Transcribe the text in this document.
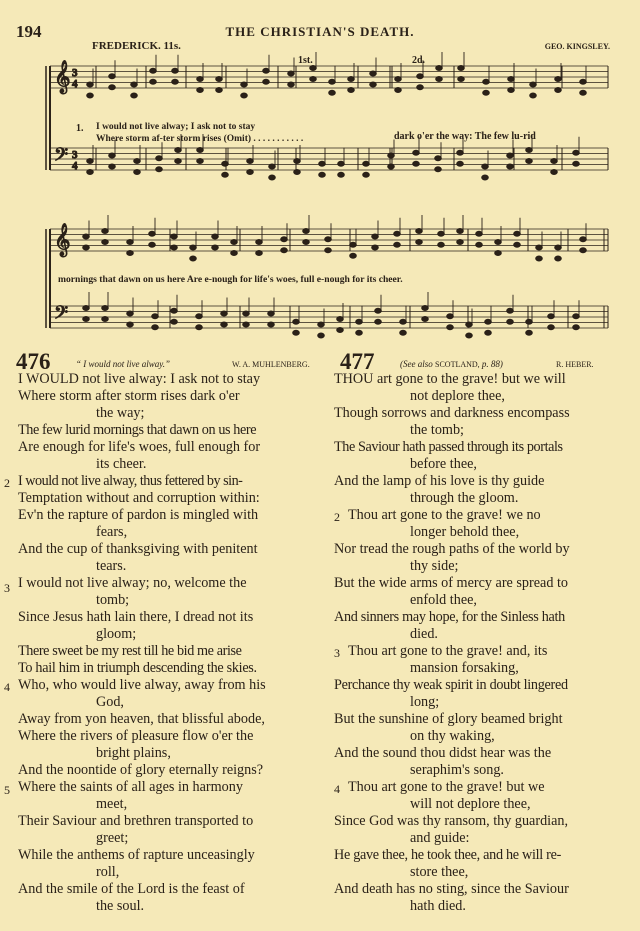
194	THE CHRISTIAN'S DEATH.
FREDERICK. 11s.	GEO. KINGSLEY.
1st.	2d.
𝄞
𝄢
3
4
3
4
𝄞
𝄢
1. I would not live alway; I ask not to stay
Where storm af-ter storm rises (Omit) . . . . . . . . . . .	dark o'er the way: The few lu-rid
mornings that dawn on us here Are e-nough for life's woes, full e-nough for its cheer.
476	“ I would not live alway.”	W. A. MUHLENBERG. 477	(See also SCOTLAND, p. 88)	R. HEBER.
I WOULD not live alway: I ask not to stay
Where storm after storm rises dark o'er
the way;
The few lurid mornings that dawn on us here
Are enough for life's woes, full enough for
its cheer.
2 I would not live alway, thus fettered by sin-
Temptation without and corruption within:
Ev'n the rapture of pardon is mingled with
fears,
And the cup of thanksgiving with penitent
tears.
3 I would not live alway; no, welcome the
tomb;
Since Jesus hath lain there, I dread not its
gloom;
There sweet be my rest till he bid me arise
To hail him in triumph descending the skies.
4 Who, who would live alway, away from his
God,
Away from yon heaven, that blissful abode,
Where the rivers of pleasure flow o'er the
bright plains,
And the noontide of glory eternally reigns?
5 Where the saints of all ages in harmony
meet,
Their Saviour and brethren transported to
greet;
While the anthems of rapture unceasingly
roll,
And the smile of the Lord is the feast of
the soul.
THOU art gone to the grave! but we will
not deplore thee,
Though sorrows and darkness encompass
the tomb;
The Saviour hath passed through its portals
before thee,
And the lamp of his love is thy guide
through the gloom.
2 Thou art gone to the grave! we no
longer behold thee,
Nor tread the rough paths of the world by
thy side;
But the wide arms of mercy are spread to
enfold thee,
And sinners may hope, for the Sinless hath
died.
3 Thou art gone to the grave! and, its
mansion forsaking,
Perchance thy weak spirit in doubt lingered
long;
But the sunshine of glory beamed bright
on thy waking,
And the sound thou didst hear was the
seraphim's song.
4 Thou art gone to the grave! but we
will not deplore thee,
Since God was thy ransom, thy guardian,
and guide:
He gave thee, he took thee, and he will re-
store thee,
And death has no sting, since the Saviour
hath died.
